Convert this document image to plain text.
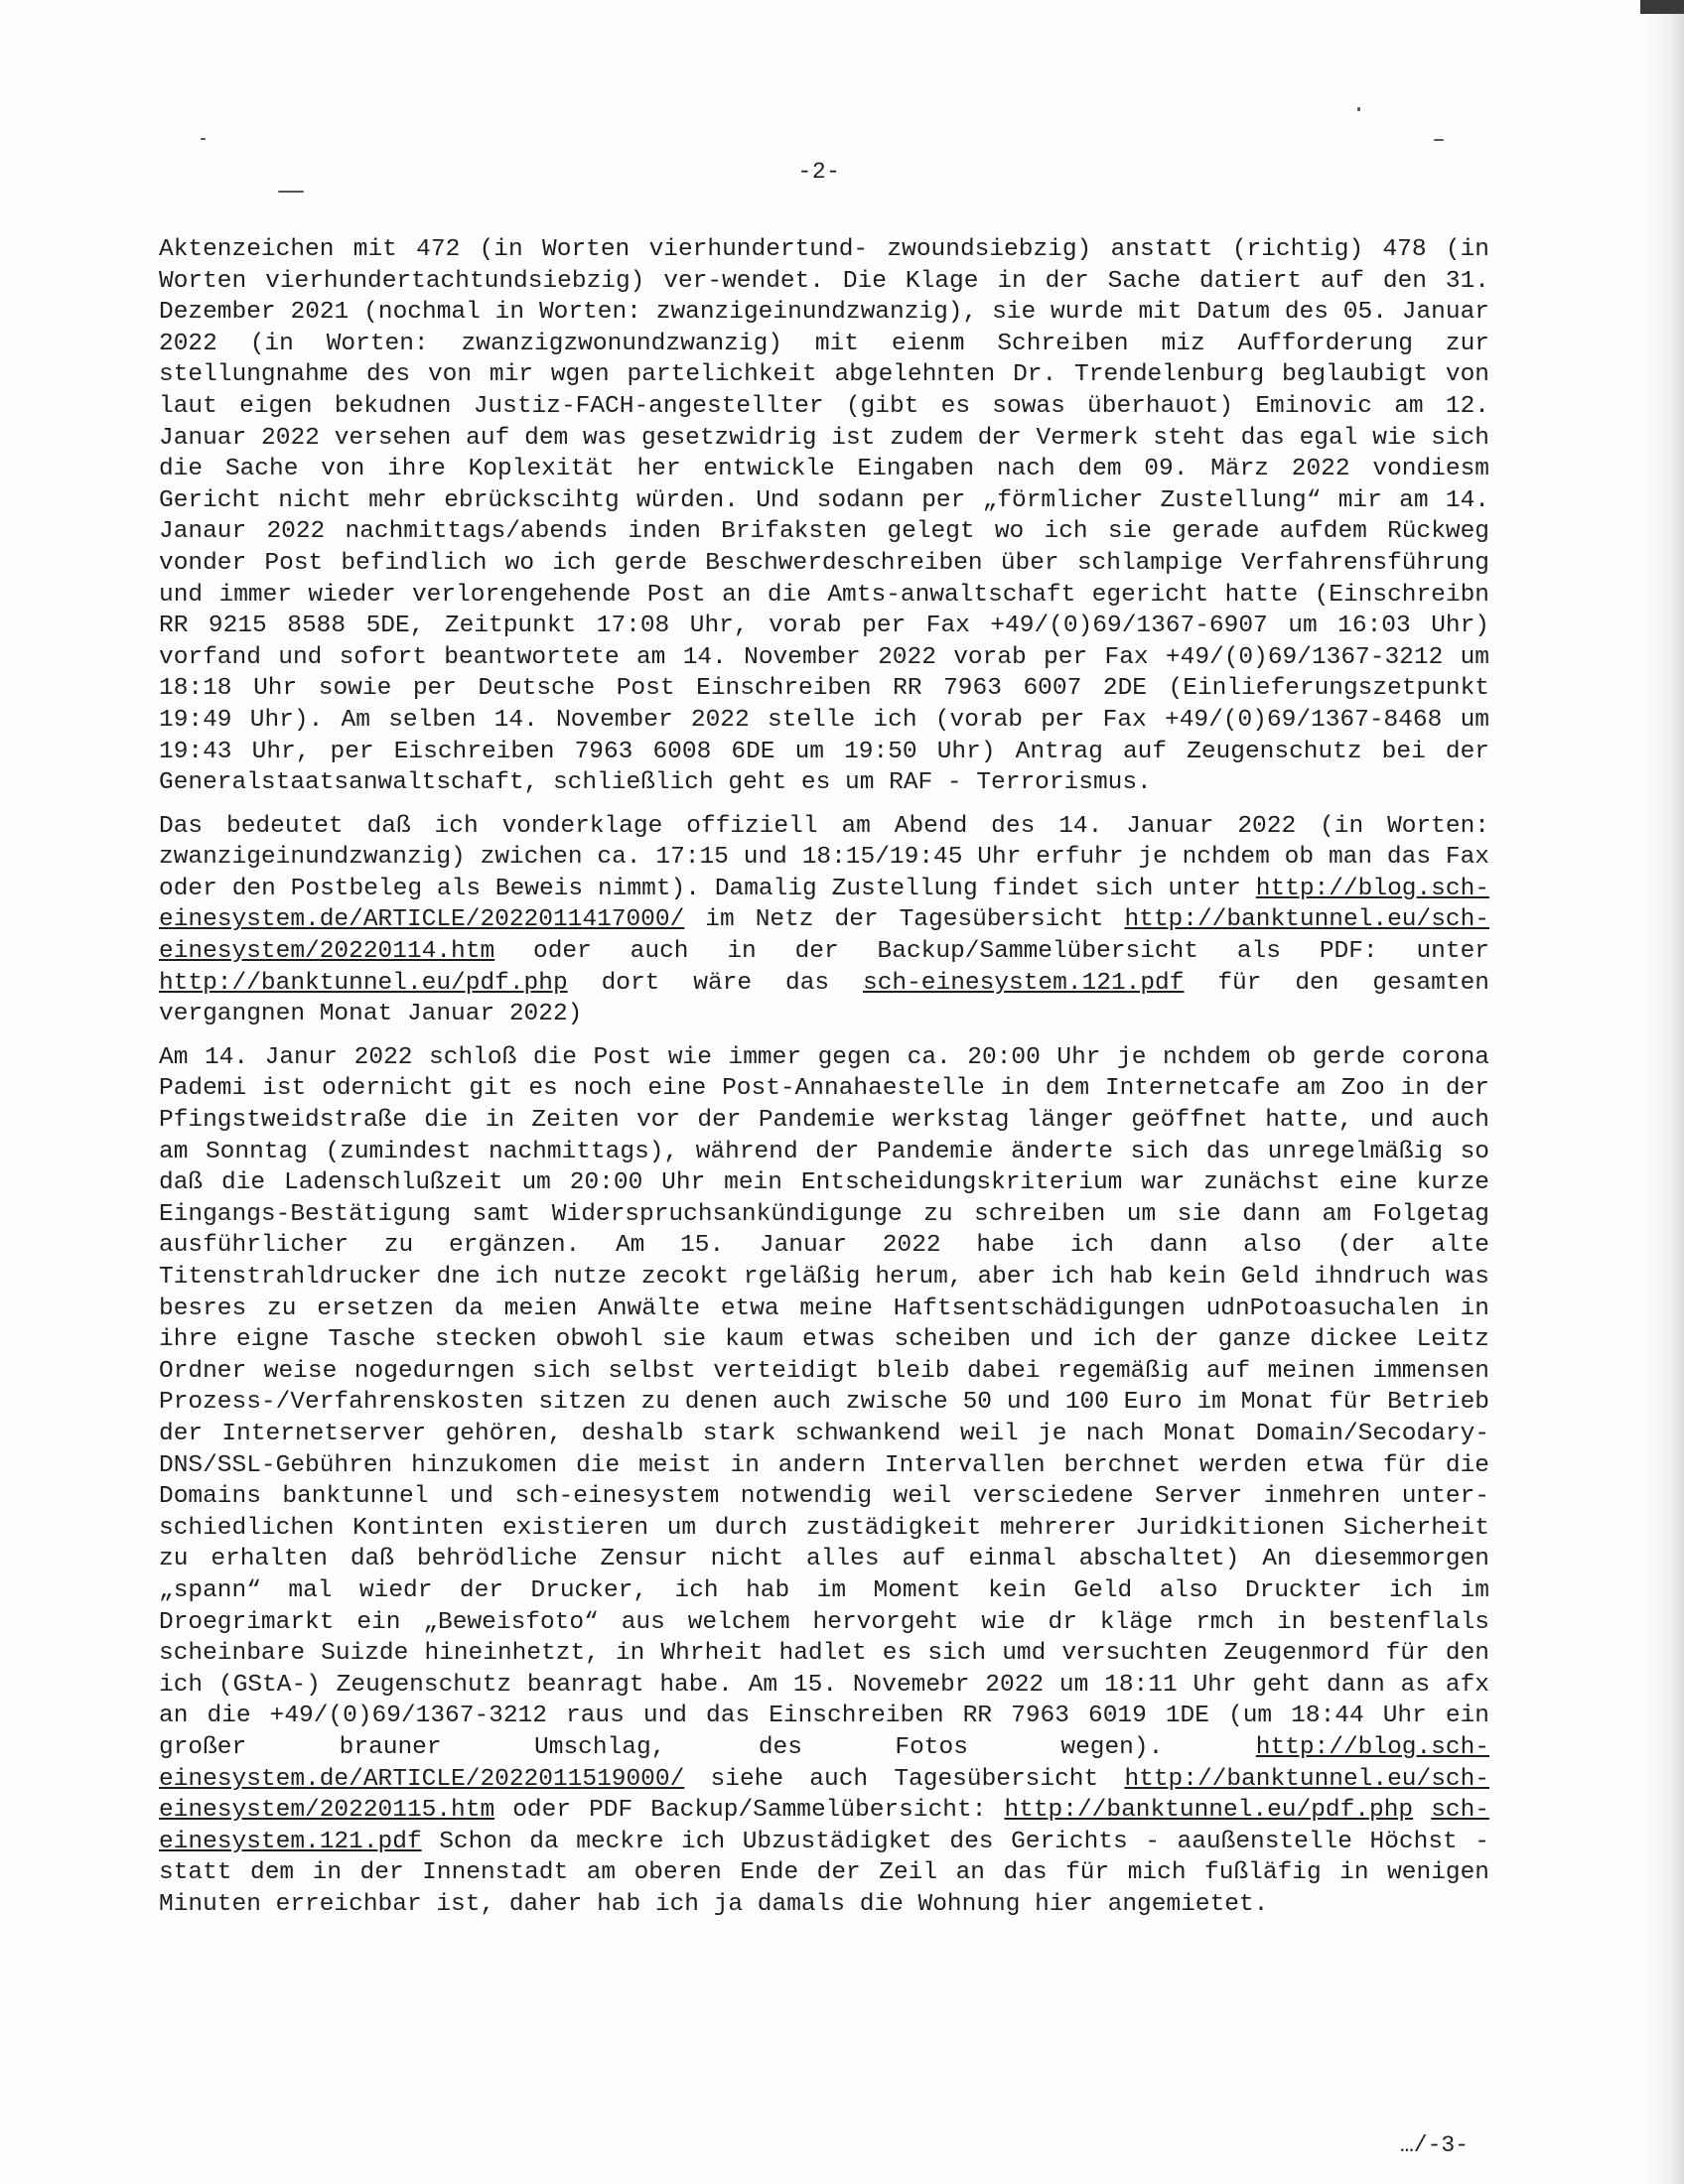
-2-

Aktenzeichen mit 472 (in Worten vierhundertund- zwoundsiebzig) anstatt (richtig) 478 (in Worten vierhundertachtundsiebzig) ver-wendet. Die Klage in der Sache datiert auf den 31. Dezember 2021 (nochmal in Worten: zwanzigeinundzwanzig), sie wurde mit Datum des 05. Januar 2022 (in Worten: zwanzigzwonundzwanzig) mit eienm Schreiben miz Aufforderung zur stellungnahme des von mir wgen partelichkeit abgelehnten Dr. Trendelenburg beglaubigt von laut eigen bekudnen Justiz-FACH-angestellter (gibt es sowas überhauot) Eminovic am 12. Januar 2022 versehen auf dem was gesetzwidrig ist zudem der Vermerk steht das egal wie sich die Sache von ihre Koplexität her entwickle Eingaben nach dem 09. März 2022 vondiesm Gericht nicht mehr ebrückscihtg würden. Und sodann per „förmlicher Zustellung“ mir am 14. Janaur 2022 nachmittags/abends inden Brifaksten gelegt wo ich sie gerade aufdem Rückweg vonder Post befindlich wo ich gerde Beschwerdeschreiben über schlampige Verfahrensführung und immer wieder verlorengehende Post an die Amts-anwaltschaft egericht hatte (Einschreibn RR 9215 8588 5DE, Zeitpunkt 17:08 Uhr, vorab per Fax +49/(0)69/1367-6907 um 16:03 Uhr) vorfand und sofort beantwortete am 14. November 2022 vorab per Fax +49/(0)69/1367-3212 um 18:18 Uhr sowie per Deutsche Post Einschreiben RR 7963 6007 2DE (Einlieferungszetpunkt 19:49 Uhr). Am selben 14. November 2022 stelle ich (vorab per Fax +49/(0)69/1367-8468 um 19:43 Uhr, per Eischreiben 7963 6008 6DE um 19:50 Uhr) Antrag auf Zeugenschutz bei der Generalstaatsanwaltschaft, schließlich geht es um RAF - Terrorismus.

Das bedeutet daß ich vonderklage offiziell am Abend des 14. Januar 2022 (in Worten: zwanzigeinundzwanzig) zwichen ca. 17:15 und 18:15/19:45 Uhr erfuhr je nchdem ob man das Fax oder den Postbeleg als Beweis nimmt). Damalig Zustellung findet sich unter http://blog.sch-einesystem.de/ARTICLE/2022011417000/ im Netz der Tagesübersicht http://banktunnel.eu/sch-einesystem/20220114.htm oder auch in der Backup/Sammelübersicht als PDF: unter http://banktunnel.eu/pdf.php dort wäre das sch-einesystem.121.pdf für den gesamten vergangnen Monat Januar 2022)

Am 14. Janur 2022 schloß die Post wie immer gegen ca. 20:00 Uhr je nchdem ob gerde corona Pademi ist odernicht git es noch eine Post-Annahaestelle in dem Internetcafe am Zoo in der Pfingstweidstraße die in Zeiten vor der Pandemie werkstag länger geöffnet hatte, und auch am Sonntag (zumindest nachmittags), während der Pandemie änderte sich das unregelmäßig so daß die Ladenschlußzeit um 20:00 Uhr mein Entscheidungskriterium war zunächst eine kurze Eingangs-Bestätigung samt Widerspruchsankündigunge zu schreiben um sie dann am Folgetag ausführlicher zu ergänzen. Am 15. Januar 2022 habe ich dann also (der alte Titenstrahldrucker dne ich nutze zecokt rgeläßig herum, aber ich hab kein Geld ihndruch was besres zu ersetzen da meien Anwälte etwa meine Haftsentschädigungen udnPotoasuchalen in ihre eigne Tasche stecken obwohl sie kaum etwas scheiben und ich der ganze dickee Leitz Ordner weise nogedurngen sich selbst verteidigt bleib dabei regemäßig auf meinen immensen Prozess-/Verfahrenskosten sitzen zu denen auch zwische 50 und 100 Euro im Monat für Betrieb der Internetserver gehören, deshalb stark schwankend weil je nach Monat Domain/Secodary-DNS/SSL-Gebühren hinzukomen die meist in andern Intervallen berchnet werden etwa für die Domains banktunnel und sch-einesystem notwendig weil versciedene Server inmehren unter-schiedlichen Kontinten existieren um durch zustädigkeit mehrerer Juridkitionen Sicherheit zu erhalten daß behrödliche Zensur nicht alles auf einmal abschaltet) An diesemmorgen „spann“ mal wiedr der Drucker, ich hab im Moment kein Geld also Druckter ich im Droegrimarkt ein „Beweisfoto“ aus welchem hervorgeht wie dr kläge rmch in bestenflals scheinbare Suizde hineinhetzt, in Whrheit hadlet es sich umd versuchten Zeugenmord für den ich (GStA-) Zeugenschutz beanragt habe. Am 15. Novemebr 2022 um 18:11 Uhr geht dann as afx an die +49/(0)69/1367-3212 raus und das Einschreiben RR 7963 6019 1DE (um 18:44 Uhr ein großer brauner Umschlag, des Fotos wegen). http://blog.sch-einesystem.de/ARTICLE/2022011519000/ siehe auch Tagesübersicht http://banktunnel.eu/sch-einesystem/20220115.htm oder PDF Backup/Sammelübersicht: http://banktunnel.eu/pdf.php sch-einesystem.121.pdf Schon da meckre ich Ubzustädigket des Gerichts - aaußenstelle Höchst - statt dem in der Innenstadt am oberen Ende der Zeil an das für mich fußläfig in wenigen Minuten erreichbar ist, daher hab ich ja damals die Wohnung hier angemietet.

…/-3-
